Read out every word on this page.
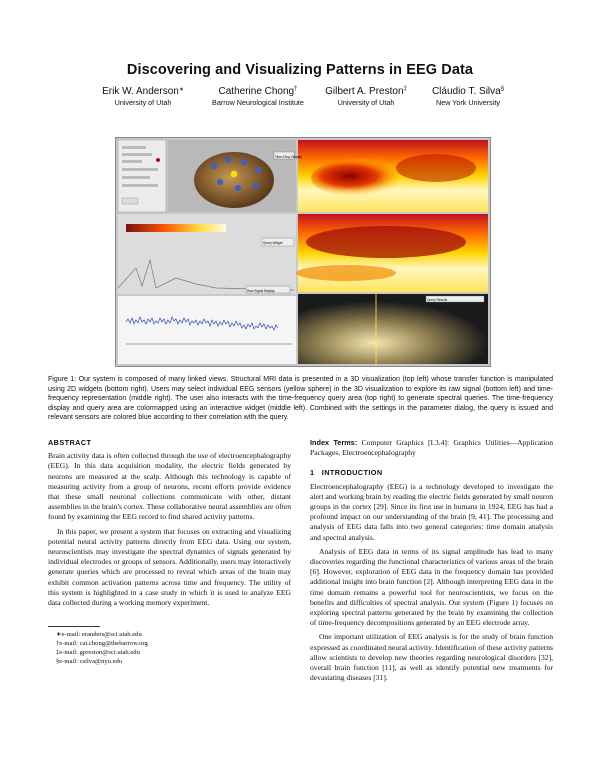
Discovering and Visualizing Patterns in EEG Data
Erik W. Anderson∗
University of Utah
Catherine Chong†
Barrow Neurological Institute
Gilbert A. Preston‡
University of Utah
Cláudio T. Silva§
New York University
Time-Freq. Display
Query Widget
Raw Signal Display
Query Results
Figure 1: Our system is composed of many linked views. Structural MRI data is presented in a 3D visualization (top left) whose transfer function is manipulated using 2D widgets (bottom right). Users may select individual EEG sensors (yellow sphere) in the 3D visualization to explore its raw signal (bottom left) and time-frequency representation (middle right). The user also interacts with the time-frequency query area (top right) to generate spectral queries. The time-frequency display and query area are colormapped using an interactive widget (middle left). Combined with the settings in the parameter dialog, the query is issued and relevant sensors are colored blue according to their correlation with the query.
ABSTRACT

Brain activity data is often collected through the use of electroencephalography (EEG). In this data acquisition modality, the electric fields generated by neurons are measured at the scalp. Although this technology is capable of measuring activity from a group of neurons, recent efforts provide evidence that these small neuronal collections communicate with other, distant assemblies in the brain's cortex. These collaborative neural assemblies are often found by examining the EEG record to find shared activity patterns.

In this paper, we present a system that focuses on extracting and visualizing potential neural activity patterns directly from EEG data. Using our system, neuroscientists may investigate the spectral dynamics of signals generated by individual electrodes or groups of sensors. Additionally, users may interactively generate queries which are processed to reveal which areas of the brain may exhibit common activation patterns across time and frequency. The utility of this system is highlighted in a case study in which it is used to analyze EEG data collected during a working memory experiment.

∗e-mail: eranders@sci.utah.edu
†e-mail: cat.chong@thebarrow.org
‡e-mail: gpreston@sci.utah.edu
§e-mail: csilva@nyu.edu

Index Terms: Computer Graphics [I.3.4]: Graphics Utilities—Application Packages, Electroencephalography

1 INTRODUCTION

Electroencephalography (EEG) is a technology developed to investigate the alert and working brain by reading the electric fields generated by small neuron groups in the cortex [29]. Since its first use in humans in 1924, EEG has had a profound impact on our understanding of the brain [9, 41]. The processing and analysis of EEG data falls into two general categories: time domain analysis and spectral analysis.

Analysis of EEG data in terms of its signal amplitude has lead to many discoveries regarding the functional characteristics of various areas of the brain [6]. However, exploration of EEG data in the frequency domain has provided additional insight into brain function [2]. Although interpreting EEG data in the time domain remains a powerful tool for neuroscientists, we focus on the benefits and difficulties of spectral analysis. Our system (Figure 1) focuses on exploring spectral patterns generated by the brain by examining the collection of time-frequency decompositions generated by an EEG electrode array.

One important utilization of EEG analysis is for the study of brain function expressed as coordinated neural activity. Identification of these activity patterns allow scientists to develop new theories regarding neurological disorders [32], overall brain function [11], as well as identify potential new treatments for devastating diseases [31].
